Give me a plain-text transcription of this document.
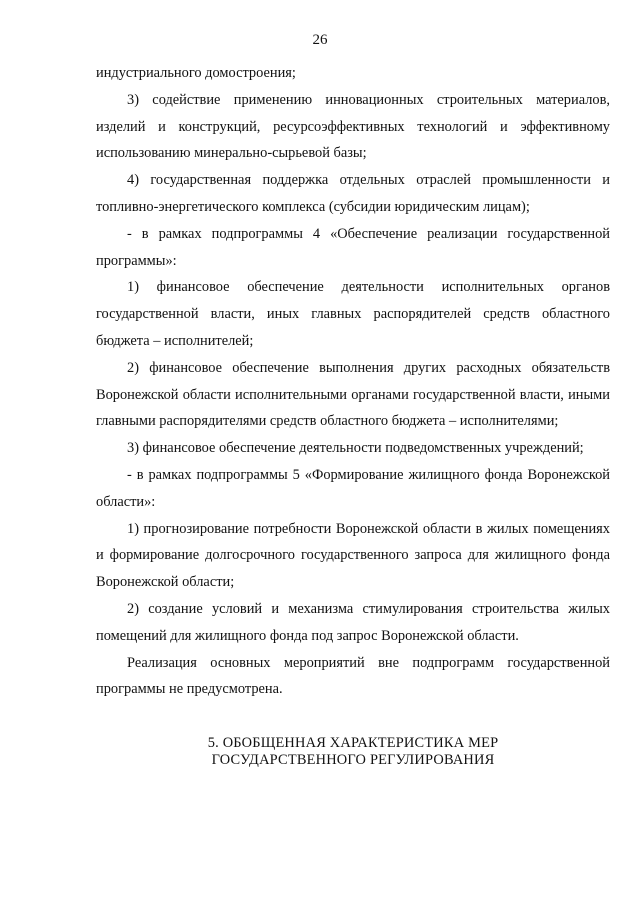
26

индустриального домостроения;

3) содействие применению инновационных строительных материалов, изделий и конструкций, ресурсоэффективных технологий и эффективному использованию минерально-сырьевой базы;

4) государственная поддержка отдельных отраслей промышленности и топливно-энергетического комплекса (субсидии юридическим лицам);

- в рамках подпрограммы 4 «Обеспечение реализации государственной программы»:

1) финансовое обеспечение деятельности исполнительных органов государственной власти, иных главных распорядителей средств областного бюджета – исполнителей;

2) финансовое обеспечение выполнения других расходных обязательств Воронежской области исполнительными органами государственной власти, иными главными распорядителями средств областного бюджета – исполнителями;

3) финансовое обеспечение деятельности подведомственных учреждений;

- в рамках подпрограммы 5 «Формирование жилищного фонда Воронежской области»:

1) прогнозирование потребности Воронежской области в жилых помещениях и формирование долгосрочного государственного запроса для жилищного фонда Воронежской области;

2) создание условий и механизма стимулирования строительства жилых помещений для жилищного фонда под запрос Воронежской области.

Реализация основных мероприятий вне подпрограмм государственной программы не предусмотрена.

5. ОБОБЩЕННАЯ ХАРАКТЕРИСТИКА МЕР
ГОСУДАРСТВЕННОГО РЕГУЛИРОВАНИЯ
